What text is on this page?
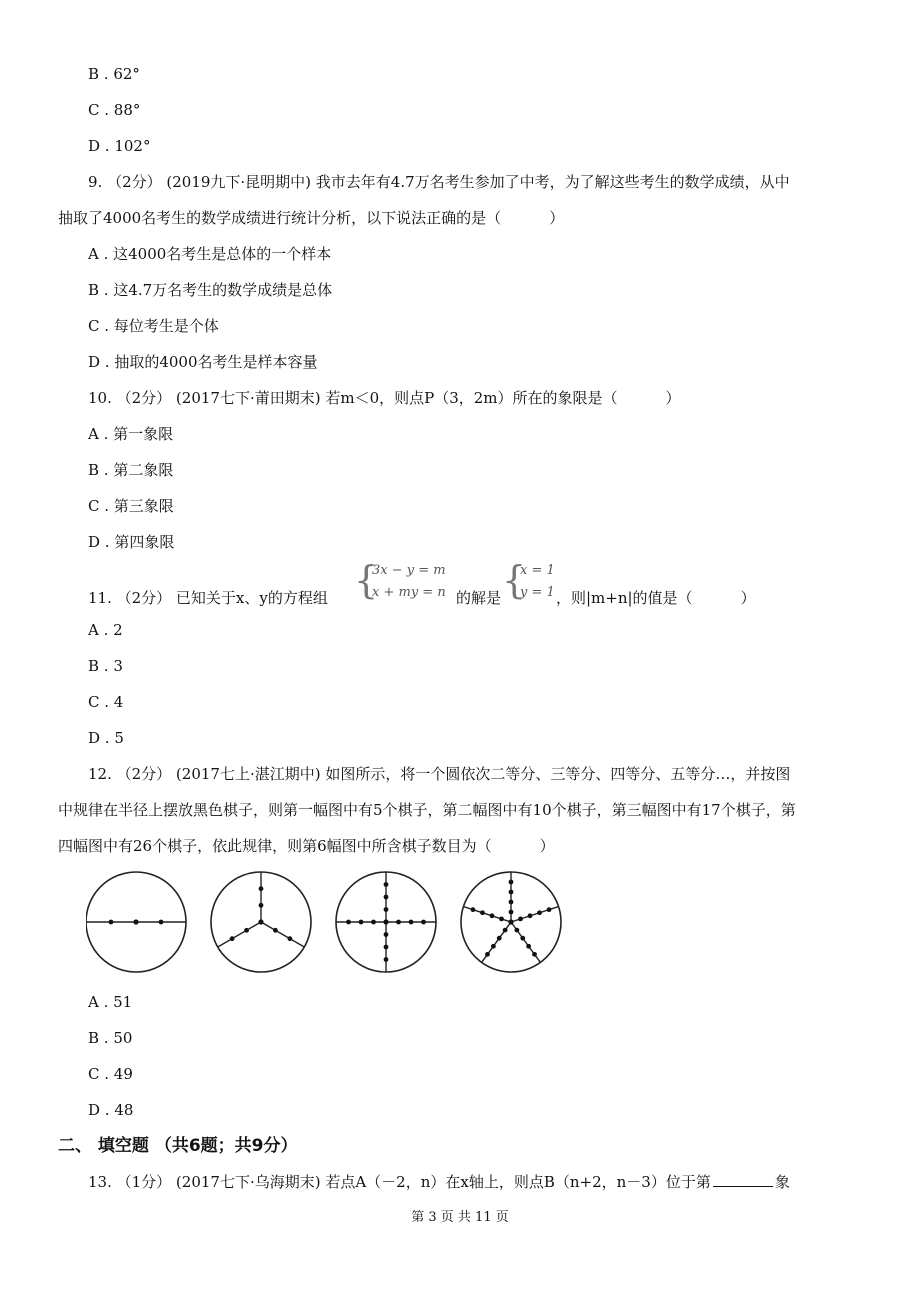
B . 62°
C . 88°
D . 102°
9. （2分） (2019九下·昆明期中) 我市去年有4.7万名考生参加了中考，为了解这些考生的数学成绩，从中
抽取了4000名考生的数学成绩进行统计分析，以下说法正确的是（	）
A . 这4000名考生是总体的一个样本
B . 这4.7万名考生的数学成绩是总体
C . 每位考生是个体
D . 抽取的4000名考生是样本容量
10. （2分） (2017七下·莆田期末) 若m＜0，则点P（3，2m）所在的象限是（	）
A . 第一象限
B . 第二象限
C . 第三象限
D . 第四象限
11. （2分） 已知关于x、y的方程组 {
3x − y = m
x + my = n 的解是 {
x = 1
y = 1 ，则|m+n|的值是（	）
A . 2
B . 3
C . 4
D . 5
12. （2分） (2017七上·湛江期中) 如图所示，将一个圆依次二等分、三等分、四等分、五等分…，并按图
中规律在半径上摆放黑色棋子，则第一幅图中有5个棋子，第二幅图中有10个棋子，第三幅图中有17个棋子，第
四幅图中有26个棋子，依此规律，则第6幅图中所含棋子数目为（	）
A . 51
B . 50
C . 49
D . 48
二、 填空题 （共6题；共9分）
13. （1分） (2017七下·乌海期末) 若点A（－2，n）在x轴上，则点B（n+2，n－3）位于第	象
第 3 页 共 11 页
